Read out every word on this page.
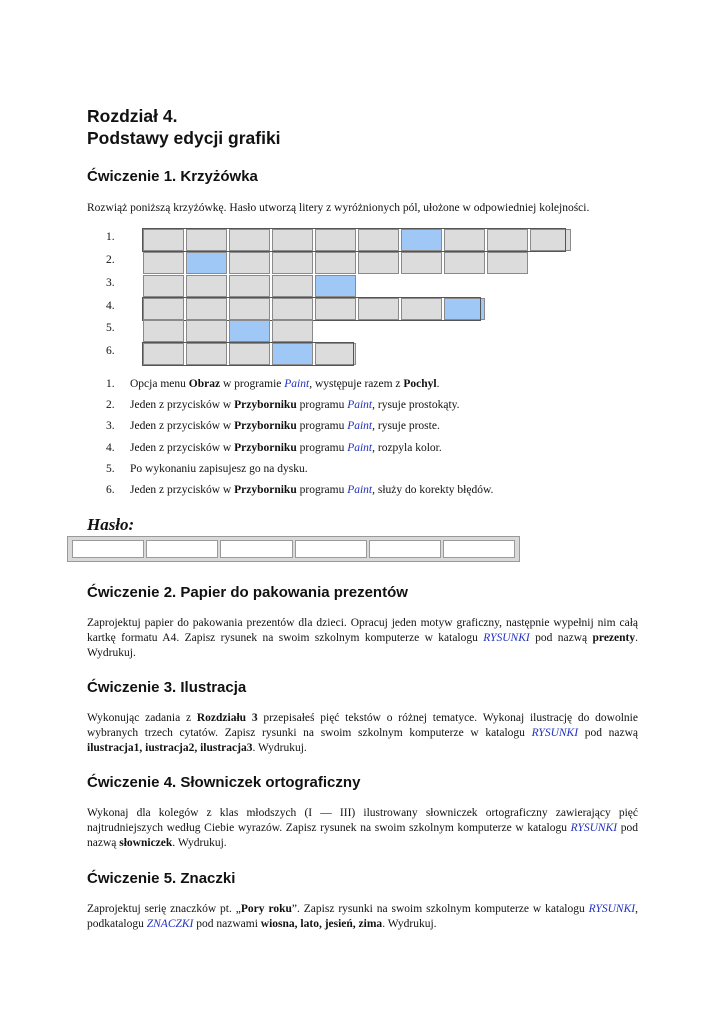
Rozdział 4.
Podstawy edycji grafiki
Ćwiczenie 1. Krzyżówka

Rozwiąż poniższą krzyżówkę. Hasło utworzą litery z wyróżnionych pól, ułożone w odpowiedniej kolejności.

1.
2.
3.
4.
5.
6.
1.	Opcja menu Obraz w programie Paint, występuje razem z Pochyl.
2.	Jeden z przycisków w Przyborniku programu Paint, rysuje prostokąty.
3.	Jeden z przycisków w Przyborniku programu Paint, rysuje proste.
4.	Jeden z przycisków w Przyborniku programu Paint, rozpyla kolor.
5.	Po wykonaniu zapisujesz go na dysku.
6.	Jeden z przycisków w Przyborniku programu Paint, służy do korekty błędów.
Hasło:
Ćwiczenie 2. Papier do pakowania prezentów

Zaprojektuj papier do pakowania prezentów dla dzieci. Opracuj jeden motyw graficzny, następnie wypełnij nim całą kartkę formatu A4. Zapisz rysunek na swoim szkolnym komputerze w katalogu RYSUNKI pod nazwą prezenty. Wydrukuj.

Ćwiczenie 3. Ilustracja

Wykonując zadania z Rozdziału 3 przepisałeś pięć tekstów o różnej tematyce. Wykonaj ilustrację do dowolnie wybranych trzech cytatów. Zapisz rysunki na swoim szkolnym komputerze w katalogu RYSUNKI pod nazwą ilustracja1, iustracja2, ilustracja3. Wydrukuj.

Ćwiczenie 4. Słowniczek ortograficzny

Wykonaj dla kolegów z klas młodszych (I — III) ilustrowany słowniczek ortograficzny zawierający pięć najtrudniejszych według Ciebie wyrazów. Zapisz rysunek na swoim szkolnym komputerze w katalogu RYSUNKI pod nazwą słowniczek. Wydrukuj.

Ćwiczenie 5. Znaczki

Zaprojektuj serię znaczków pt. „Pory roku”. Zapisz rysunki na swoim szkolnym komputerze w katalogu RYSUNKI, podkatalogu ZNACZKI pod nazwami wiosna, lato, jesień, zima. Wydrukuj.
